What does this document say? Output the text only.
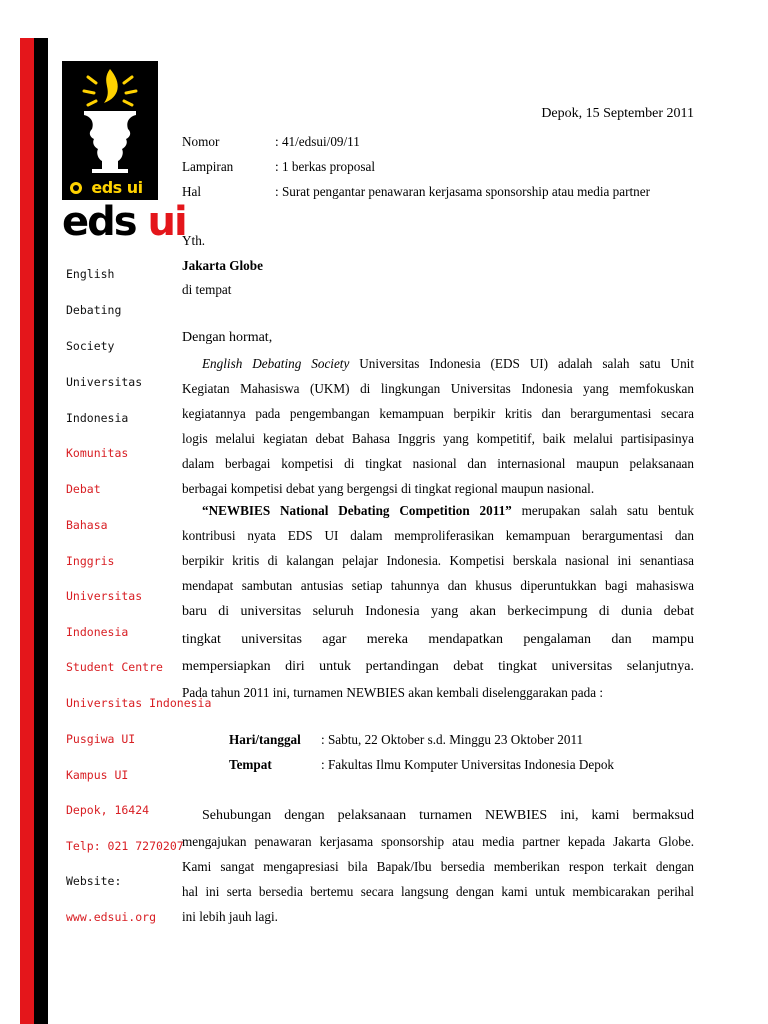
eds ui
eds ui
English
Debating
Society
Universitas
Indonesia
Komunitas
Debat
Bahasa
Inggris
Universitas
Indonesia
Student Centre
Universitas Indonesia
Pusgiwa UI
Kampus UI
Depok, 16424
Telp: 021 7270207
Website:
www.edsui.org
Depok, 15 September 2011
Nomor	: 41/edsui/09/11
Lampiran	: 1 berkas proposal
Hal	: Surat pengantar penawaran kerjasama sponsorship atau media partner
Yth.
Jakarta Globe
di tempat
Dengan hormat,
English Debating Society Universitas Indonesia (EDS UI) adalah salah satu Unit
Kegiatan Mahasiswa (UKM) di lingkungan Universitas Indonesia yang memfokuskan
kegiatannya pada pengembangan kemampuan berpikir kritis dan berargumentasi secara
logis melalui kegiatan debat Bahasa Inggris yang kompetitif, baik melalui partisipasinya
dalam berbagai kompetisi di tingkat nasional dan internasional maupun pelaksanaan
berbagai kompetisi debat yang bergengsi di tingkat regional maupun nasional.
“NEWBIES National Debating Competition 2011” merupakan salah satu bentuk
kontribusi nyata EDS UI dalam memproliferasikan kemampuan berargumentasi dan
berpikir kritis di kalangan pelajar Indonesia. Kompetisi berskala nasional ini senantiasa
mendapat sambutan antusias setiap tahunnya dan khusus diperuntukkan bagi mahasiswa
baru di universitas seluruh Indonesia yang akan berkecimpung di dunia debat
tingkat universitas agar mereka mendapatkan pengalaman dan mampu
mempersiapkan diri untuk pertandingan debat tingkat universitas selanjutnya.
Pada tahun 2011 ini, turnamen NEWBIES akan kembali diselenggarakan pada :
Hari/tanggal : Sabtu, 22 Oktober s.d. Minggu 23 Oktober 2011
Tempat	: Fakultas Ilmu Komputer Universitas Indonesia Depok
Sehubungan dengan pelaksanaan turnamen NEWBIES ini, kami bermaksud
mengajukan penawaran kerjasama sponsorship atau media partner kepada Jakarta Globe.
Kami sangat mengapresiasi bila Bapak/Ibu bersedia memberikan respon terkait dengan
hal ini serta bersedia bertemu secara langsung dengan kami untuk membicarakan perihal
ini lebih jauh lagi.
